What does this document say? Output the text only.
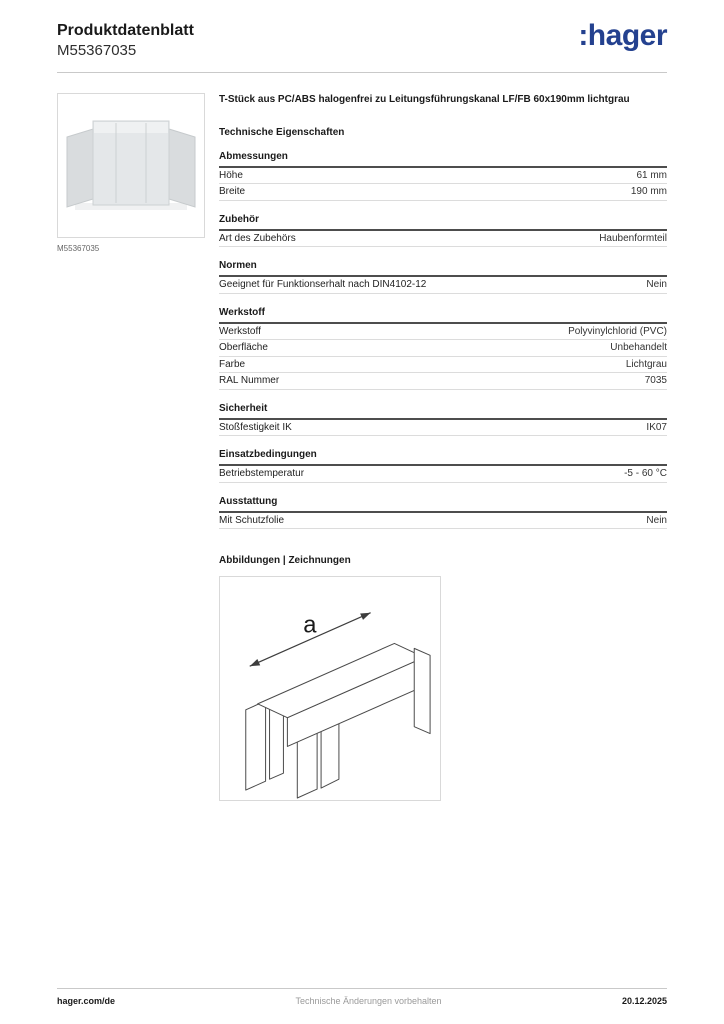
Produktdatenblatt
M55367035	:hager
M55367035
T-Stück aus PC/ABS halogenfrei zu Leitungsführungskanal LF/FB 60x190mm lichtgrau
Technische Eigenschaften
Abmessungen
Höhe	61 mm
Breite	190 mm
Zubehör
Art des Zubehörs	Haubenformteil
Normen
Geeignet für Funktionserhalt nach DIN4102-12	Nein
Werkstoff
Werkstoff	Polyvinylchlorid (PVC)
Oberfläche	Unbehandelt
Farbe	Lichtgrau
RAL Nummer	7035
Sicherheit
Stoßfestigkeit IK	IK07
Einsatzbedingungen
Betriebstemperatur	-5 - 60 °C
Ausstattung
Mit Schutzfolie	Nein
Abbildungen | Zeichnungen
a
hager.com/de	Technische Änderungen vorbehalten	20.12.2025
